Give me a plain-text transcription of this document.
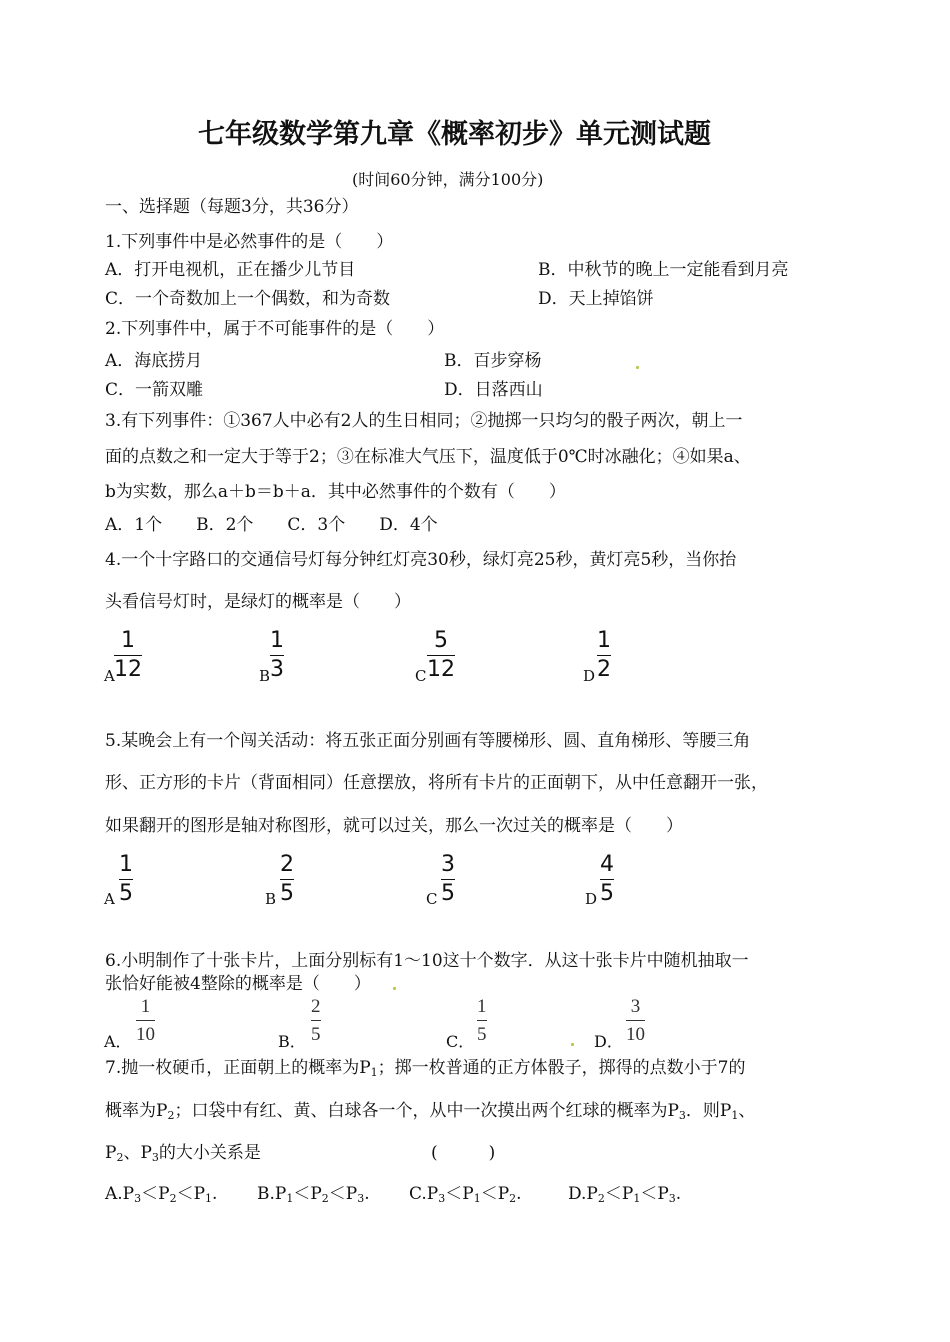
七年级数学第九章《概率初步》单元测试题
(时间60分钟，满分100分)
一、选择题（每题3分，共36分）
1.下列事件中是必然事件的是（　　）
A．打开电视机，正在播少儿节目	B．中秋节的晚上一定能看到月亮
C．一个奇数加上一个偶数，和为奇数	D．天上掉馅饼
2.下列事件中，属于不可能事件的是（　　）
A．海底捞月	B．百步穿杨
C．一箭双雕	D．日落西山
3.有下列事件：①367人中必有2人的生日相同；②抛掷一只均匀的骰子两次，朝上一
面的点数之和一定大于等于2；③在标准大气压下，温度低于0℃时冰融化；④如果a、
b为实数，那么a＋b＝b＋a．其中必然事件的个数有（　　）
A．1个　　B．2个　　C．3个　　D．4个
4.一个十字路口的交通信号灯每分钟红灯亮30秒，绿灯亮25秒，黄灯亮5秒，当你抬
头看信号灯时，是绿灯的概率是（　　）
A
1
12	B
1
3	C
5
12	D
1
2
5.某晚会上有一个闯关活动：将五张正面分别画有等腰梯形、圆、直角梯形、等腰三角
形、正方形的卡片（背面相同）任意摆放，将所有卡片的正面朝下，从中任意翻开一张，
如果翻开的图形是轴对称图形，就可以过关，那么一次过关的概率是（　　）
A
1
5	B
2
5	C
3
5	D
4
5
6.小明制作了十张卡片，上面分别标有1～10这十个数字．从这十张卡片中随机抽取一
张恰好能被4整除的概率是（　　）
A．
1
10	B．
2
5	C．
1
5	D．
3
10
7.抛一枚硬币，正面朝上的概率为$P_1$；掷一枚普通的正方体骰子，掷得的点数小于7的
概率为$P_2$；口袋中有红、黄、白球各一个，从中一次摸出两个红球的概率为$P_3$．则$P_1$、
$P_2$、$P_3$的大小关系是	(　　　)
$A.P_3<P_2<P_1$. $B.P_1<P_2<P_3$. $C.P_3<P_1<P_2$.	$D.P_2<P_1<P_3$.
